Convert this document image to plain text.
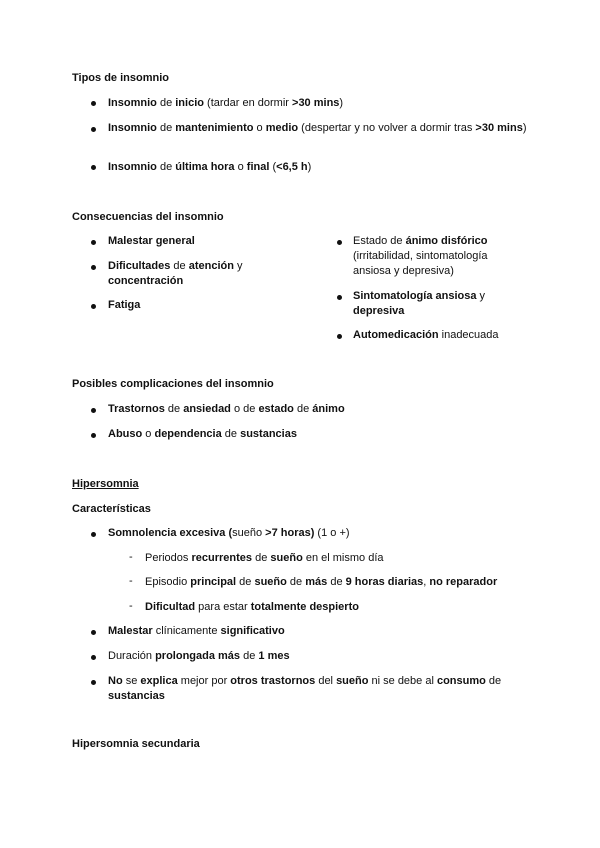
Tipos de insomnio
Insomnio de inicio (tardar en dormir >30 mins)
Insomnio de mantenimiento o medio (despertar y no volver a dormir tras >30 mins)
Insomnio de última hora o final (<6,5 h)
Consecuencias del insomnio
Malestar general
Dificultades de atención y concentración
Fatiga
Estado de ánimo disfórico (irritabilidad, sintomatología ansiosa y depresiva)
Sintomatología ansiosa y depresiva
Automedicación inadecuada
Posibles complicaciones del insomnio
Trastornos de ansiedad o de estado de ánimo
Abuso o dependencia de sustancias
Hipersomnia
Características
Somnolencia excesiva (sueño >7 horas) (1 o +)
- Periodos recurrentes de sueño en el mismo día
- Episodio principal de sueño de más de 9 horas diarias, no reparador
- Dificultad para estar totalmente despierto
Malestar clínicamente significativo
Duración prolongada más de 1 mes
No se explica mejor por otros trastornos del sueño ni se debe al consumo de sustancias
Hipersomnia secundaria
